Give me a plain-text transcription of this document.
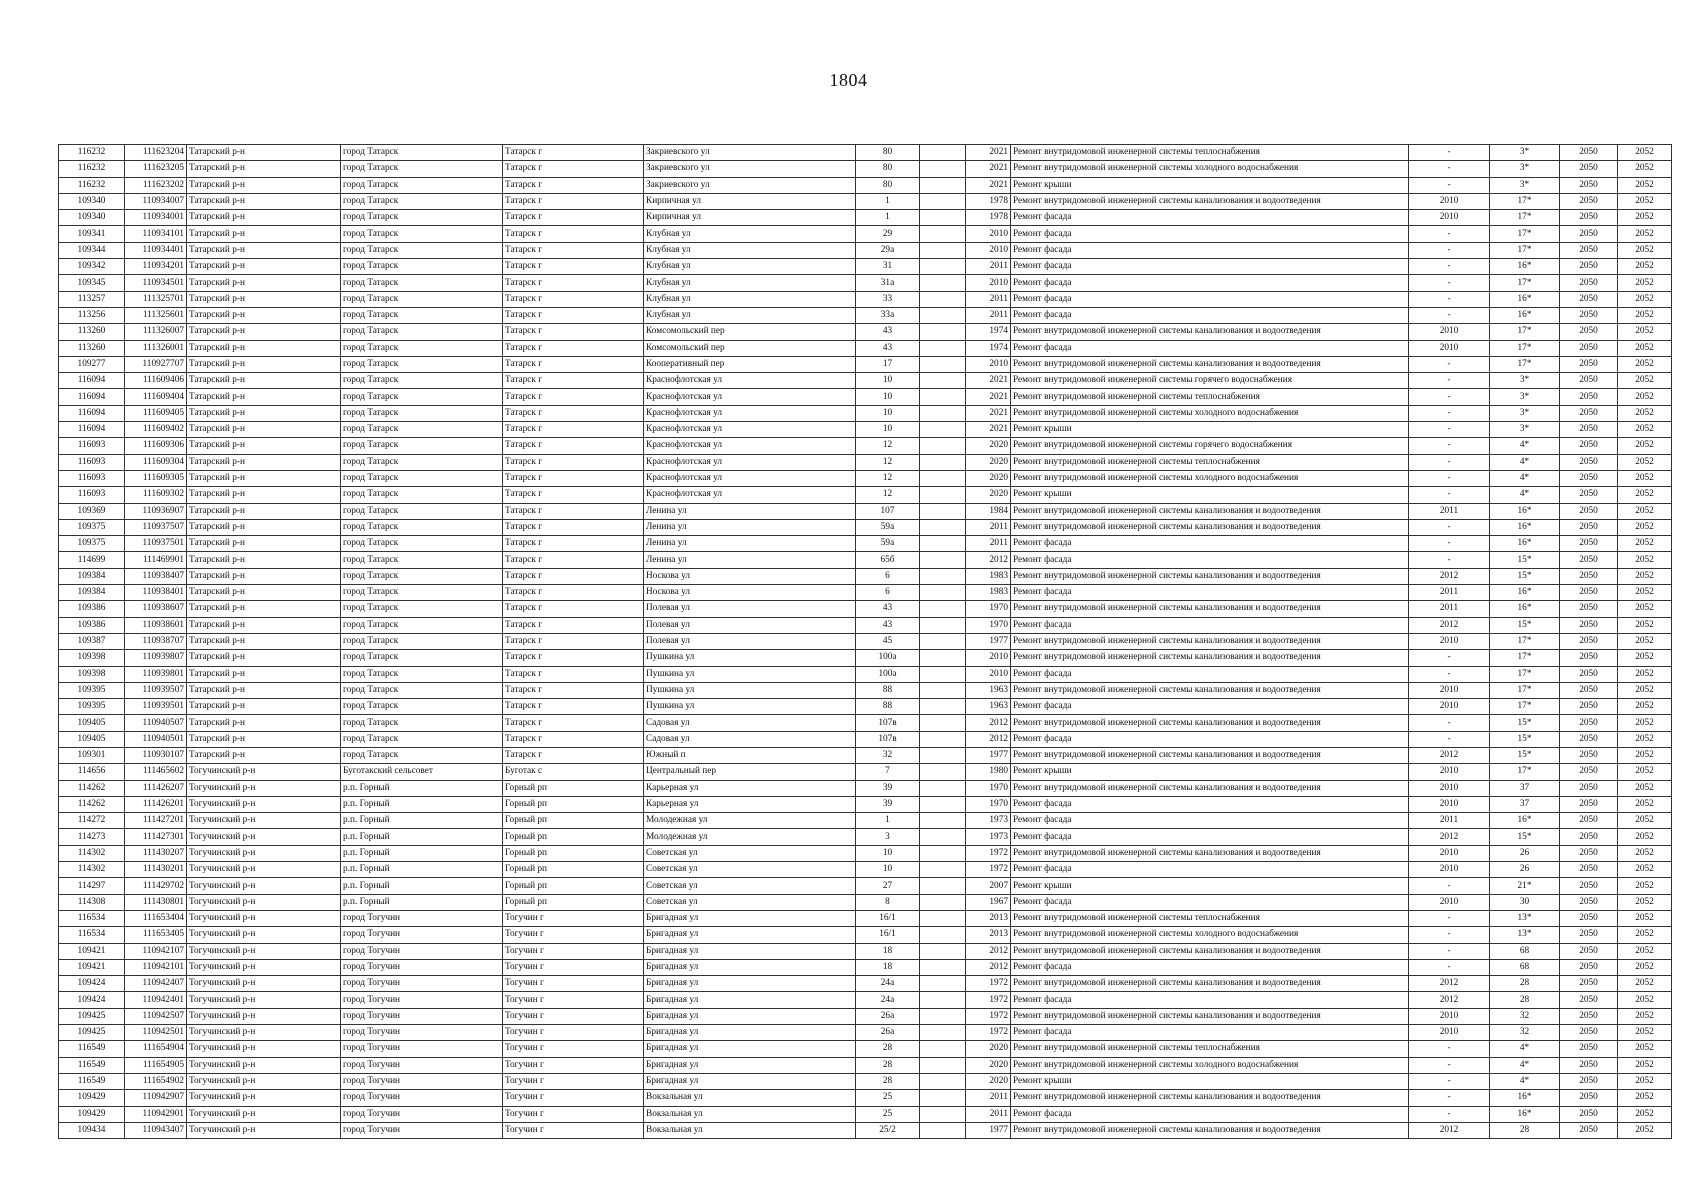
1804
116232	111623204	Татарский р-н	город Татарск	Татарск г	Закриевского ул	80		2021	Ремонт внутридомовой инженерной системы теплоснабжения	-	3*	2050	2052
116232	111623205	Татарский р-н	город Татарск	Татарск г	Закриевского ул	80		2021	Ремонт внутридомовой инженерной системы холодного водоснабжения	-	3*	2050	2052
116232	111623202	Татарский р-н	город Татарск	Татарск г	Закриевского ул	80		2021	Ремонт крыши	-	3*	2050	2052
109340	110934007	Татарский р-н	город Татарск	Татарск г	Кирпичная ул	1		1978	Ремонт внутридомовой инженерной системы канализования и водоотведения	2010	17*	2050	2052
109340	110934001	Татарский р-н	город Татарск	Татарск г	Кирпичная ул	1		1978	Ремонт фасада	2010	17*	2050	2052
109341	110934101	Татарский р-н	город Татарск	Татарск г	Клубная ул	29		2010	Ремонт фасада	-	17*	2050	2052
109344	110934401	Татарский р-н	город Татарск	Татарск г	Клубная ул	29а		2010	Ремонт фасада	-	17*	2050	2052
109342	110934201	Татарский р-н	город Татарск	Татарск г	Клубная ул	31		2011	Ремонт фасада	-	16*	2050	2052
109345	110934501	Татарский р-н	город Татарск	Татарск г	Клубная ул	31а		2010	Ремонт фасада	-	17*	2050	2052
113257	111325701	Татарский р-н	город Татарск	Татарск г	Клубная ул	33		2011	Ремонт фасада	-	16*	2050	2052
113256	111325601	Татарский р-н	город Татарск	Татарск г	Клубная ул	33а		2011	Ремонт фасада	-	16*	2050	2052
113260	111326007	Татарский р-н	город Татарск	Татарск г	Комсомольский пер	43		1974	Ремонт внутридомовой инженерной системы канализования и водоотведения	2010	17*	2050	2052
113260	111326001	Татарский р-н	город Татарск	Татарск г	Комсомольский пер	43		1974	Ремонт фасада	2010	17*	2050	2052
109277	110927707	Татарский р-н	город Татарск	Татарск г	Кооперативный пер	17		2010	Ремонт внутридомовой инженерной системы канализования и водоотведения	-	17*	2050	2052
116094	111609406	Татарский р-н	город Татарск	Татарск г	Краснофлотская ул	10		2021	Ремонт внутридомовой инженерной системы горячего водоснабжения	-	3*	2050	2052
116094	111609404	Татарский р-н	город Татарск	Татарск г	Краснофлотская ул	10		2021	Ремонт внутридомовой инженерной системы теплоснабжения	-	3*	2050	2052
116094	111609405	Татарский р-н	город Татарск	Татарск г	Краснофлотская ул	10		2021	Ремонт внутридомовой инженерной системы холодного водоснабжения	-	3*	2050	2052
116094	111609402	Татарский р-н	город Татарск	Татарск г	Краснофлотская ул	10		2021	Ремонт крыши	-	3*	2050	2052
116093	111609306	Татарский р-н	город Татарск	Татарск г	Краснофлотская ул	12		2020	Ремонт внутридомовой инженерной системы горячего водоснабжения	-	4*	2050	2052
116093	111609304	Татарский р-н	город Татарск	Татарск г	Краснофлотская ул	12		2020	Ремонт внутридомовой инженерной системы теплоснабжения	-	4*	2050	2052
116093	111609305	Татарский р-н	город Татарск	Татарск г	Краснофлотская ул	12		2020	Ремонт внутридомовой инженерной системы холодного водоснабжения	-	4*	2050	2052
116093	111609302	Татарский р-н	город Татарск	Татарск г	Краснофлотская ул	12		2020	Ремонт крыши	-	4*	2050	2052
109369	110936907	Татарский р-н	город Татарск	Татарск г	Ленина ул	107		1984	Ремонт внутридомовой инженерной системы канализования и водоотведения	2011	16*	2050	2052
109375	110937507	Татарский р-н	город Татарск	Татарск г	Ленина ул	59а		2011	Ремонт внутридомовой инженерной системы канализования и водоотведения	-	16*	2050	2052
109375	110937501	Татарский р-н	город Татарск	Татарск г	Ленина ул	59а		2011	Ремонт фасада	-	16*	2050	2052
114699	111469901	Татарский р-н	город Татарск	Татарск г	Ленина ул	65б		2012	Ремонт фасада	-	15*	2050	2052
109384	110938407	Татарский р-н	город Татарск	Татарск г	Носкова ул	6		1983	Ремонт внутридомовой инженерной системы канализования и водоотведения	2012	15*	2050	2052
109384	110938401	Татарский р-н	город Татарск	Татарск г	Носкова ул	6		1983	Ремонт фасада	2011	16*	2050	2052
109386	110938607	Татарский р-н	город Татарск	Татарск г	Полевая ул	43		1970	Ремонт внутридомовой инженерной системы канализования и водоотведения	2011	16*	2050	2052
109386	110938601	Татарский р-н	город Татарск	Татарск г	Полевая ул	43		1970	Ремонт фасада	2012	15*	2050	2052
109387	110938707	Татарский р-н	город Татарск	Татарск г	Полевая ул	45		1977	Ремонт внутридомовой инженерной системы канализования и водоотведения	2010	17*	2050	2052
109398	110939807	Татарский р-н	город Татарск	Татарск г	Пушкина ул	100а		2010	Ремонт внутридомовой инженерной системы канализования и водоотведения	-	17*	2050	2052
109398	110939801	Татарский р-н	город Татарск	Татарск г	Пушкина ул	100а		2010	Ремонт фасада	-	17*	2050	2052
109395	110939507	Татарский р-н	город Татарск	Татарск г	Пушкина ул	88		1963	Ремонт внутридомовой инженерной системы канализования и водоотведения	2010	17*	2050	2052
109395	110939501	Татарский р-н	город Татарск	Татарск г	Пушкина ул	88		1963	Ремонт фасада	2010	17*	2050	2052
109405	110940507	Татарский р-н	город Татарск	Татарск г	Садовая ул	107в		2012	Ремонт внутридомовой инженерной системы канализования и водоотведения	-	15*	2050	2052
109405	110940501	Татарский р-н	город Татарск	Татарск г	Садовая ул	107в		2012	Ремонт фасада	-	15*	2050	2052
109301	110930107	Татарский р-н	город Татарск	Татарск г	Южный п	32		1977	Ремонт внутридомовой инженерной системы канализования и водоотведения	2012	15*	2050	2052
114656	111465602	Тогучинский р-н	Буготакский сельсовет	Буготак с	Центральный пер	7		1980	Ремонт крыши	2010	17*	2050	2052
114262	111426207	Тогучинский р-н	р.п. Горный	Горный рп	Карьерная ул	39		1970	Ремонт внутридомовой инженерной системы канализования и водоотведения	2010	37	2050	2052
114262	111426201	Тогучинский р-н	р.п. Горный	Горный рп	Карьерная ул	39		1970	Ремонт фасада	2010	37	2050	2052
114272	111427201	Тогучинский р-н	р.п. Горный	Горный рп	Молодежная ул	1		1973	Ремонт фасада	2011	16*	2050	2052
114273	111427301	Тогучинский р-н	р.п. Горный	Горный рп	Молодежная ул	3		1973	Ремонт фасада	2012	15*	2050	2052
114302	111430207	Тогучинский р-н	р.п. Горный	Горный рп	Советская ул	10		1972	Ремонт внутридомовой инженерной системы канализования и водоотведения	2010	26	2050	2052
114302	111430201	Тогучинский р-н	р.п. Горный	Горный рп	Советская ул	10		1972	Ремонт фасада	2010	26	2050	2052
114297	111429702	Тогучинский р-н	р.п. Горный	Горный рп	Советская ул	27		2007	Ремонт крыши	-	21*	2050	2052
114308	111430801	Тогучинский р-н	р.п. Горный	Горный рп	Советская ул	8		1967	Ремонт фасада	2010	30	2050	2052
116534	111653404	Тогучинский р-н	город Тогучин	Тогучин г	Бригадная ул	16/1		2013	Ремонт внутридомовой инженерной системы теплоснабжения	-	13*	2050	2052
116534	111653405	Тогучинский р-н	город Тогучин	Тогучин г	Бригадная ул	16/1		2013	Ремонт внутридомовой инженерной системы холодного водоснабжения	-	13*	2050	2052
109421	110942107	Тогучинский р-н	город Тогучин	Тогучин г	Бригадная ул	18		2012	Ремонт внутридомовой инженерной системы канализования и водоотведения	-	68	2050	2052
109421	110942101	Тогучинский р-н	город Тогучин	Тогучин г	Бригадная ул	18		2012	Ремонт фасада	-	68	2050	2052
109424	110942407	Тогучинский р-н	город Тогучин	Тогучин г	Бригадная ул	24а		1972	Ремонт внутридомовой инженерной системы канализования и водоотведения	2012	28	2050	2052
109424	110942401	Тогучинский р-н	город Тогучин	Тогучин г	Бригадная ул	24а		1972	Ремонт фасада	2012	28	2050	2052
109425	110942507	Тогучинский р-н	город Тогучин	Тогучин г	Бригадная ул	26а		1972	Ремонт внутридомовой инженерной системы канализования и водоотведения	2010	32	2050	2052
109425	110942501	Тогучинский р-н	город Тогучин	Тогучин г	Бригадная ул	26а		1972	Ремонт фасада	2010	32	2050	2052
116549	111654904	Тогучинский р-н	город Тогучин	Тогучин г	Бригадная ул	28		2020	Ремонт внутридомовой инженерной системы теплоснабжения	-	4*	2050	2052
116549	111654905	Тогучинский р-н	город Тогучин	Тогучин г	Бригадная ул	28		2020	Ремонт внутридомовой инженерной системы холодного водоснабжения	-	4*	2050	2052
116549	111654902	Тогучинский р-н	город Тогучин	Тогучин г	Бригадная ул	28		2020	Ремонт крыши	-	4*	2050	2052
109429	110942907	Тогучинский р-н	город Тогучин	Тогучин г	Вокзальная ул	25		2011	Ремонт внутридомовой инженерной системы канализования и водоотведения	-	16*	2050	2052
109429	110942901	Тогучинский р-н	город Тогучин	Тогучин г	Вокзальная ул	25		2011	Ремонт фасада	-	16*	2050	2052
109434	110943407	Тогучинский р-н	город Тогучин	Тогучин г	Вокзальная ул	25/2		1977	Ремонт внутридомовой инженерной системы канализования и водоотведения	2012	28	2050	2052
